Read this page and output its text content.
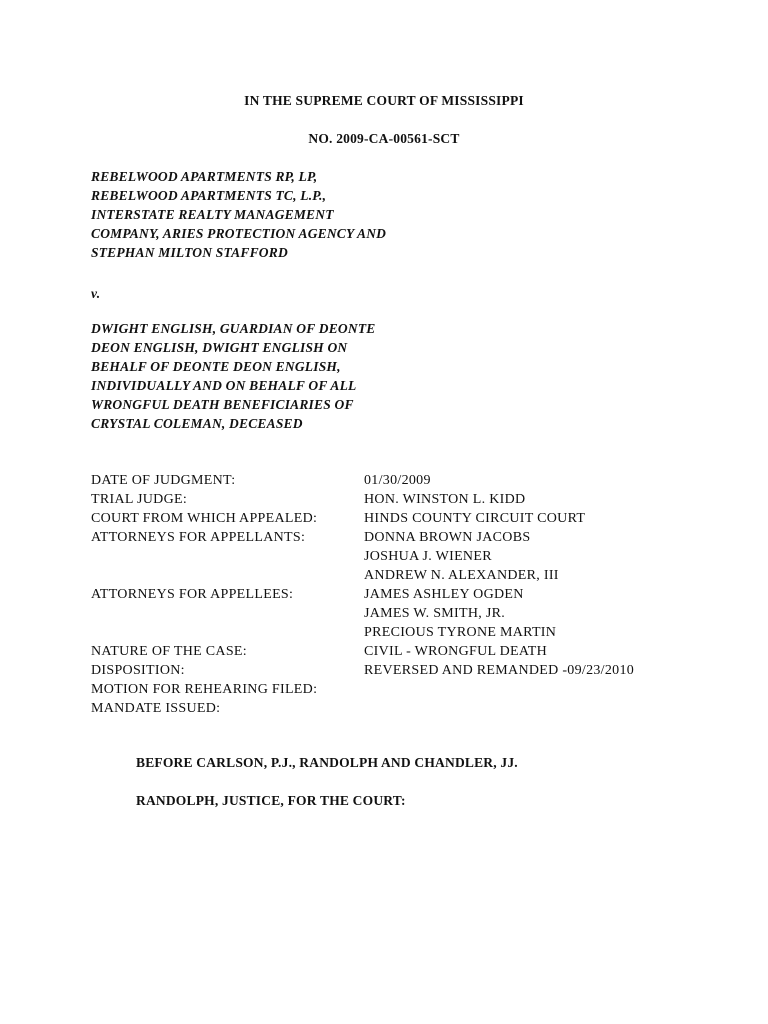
IN THE SUPREME COURT OF MISSISSIPPI
NO. 2009-CA-00561-SCT
REBELWOOD APARTMENTS RP, LP,
REBELWOOD APARTMENTS TC, L.P.,
INTERSTATE REALTY MANAGEMENT
COMPANY, ARIES PROTECTION AGENCY AND
STEPHAN MILTON STAFFORD
v.
DWIGHT ENGLISH, GUARDIAN OF DEONTE
DEON ENGLISH, DWIGHT ENGLISH ON
BEHALF OF DEONTE DEON ENGLISH,
INDIVIDUALLY AND ON BEHALF OF ALL
WRONGFUL DEATH BENEFICIARIES OF
CRYSTAL COLEMAN, DECEASED
DATE OF JUDGMENT:	01/30/2009
TRIAL JUDGE:	HON. WINSTON L. KIDD
COURT FROM WHICH APPEALED:	HINDS COUNTY CIRCUIT COURT
ATTORNEYS FOR APPELLANTS:	DONNA BROWN JACOBS
JOSHUA J. WIENER
ANDREW N. ALEXANDER, III
ATTORNEYS FOR APPELLEES:	JAMES ASHLEY OGDEN
JAMES W. SMITH, JR.
PRECIOUS TYRONE MARTIN
NATURE OF THE CASE:	CIVIL - WRONGFUL DEATH
DISPOSITION:	REVERSED AND REMANDED -09/23/2010
MOTION FOR REHEARING FILED:
MANDATE ISSUED:
BEFORE CARLSON, P.J., RANDOLPH AND CHANDLER, JJ.
RANDOLPH, JUSTICE, FOR THE COURT:
